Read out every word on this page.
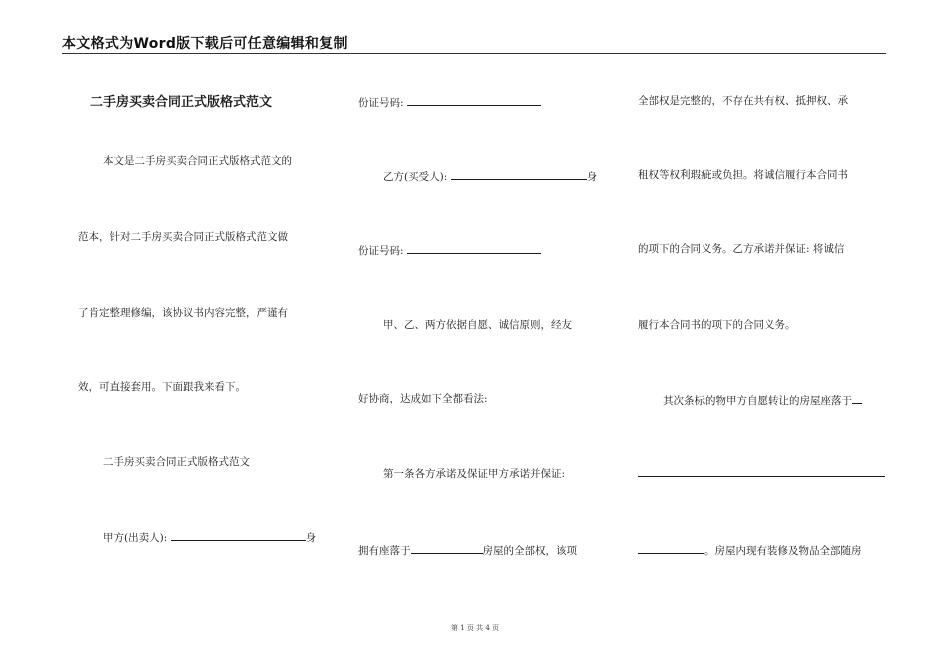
本文格式为Word版下载后可任意编辑和复制
二手房买卖合同正式版格式范文
本文是二手房买卖合同正式版格式范文的
范本，针对二手房买卖合同正式版格式范文做
了肯定整理修编，该协议书内容完整，严谨有
效，可直接套用。下面跟我来看下。
二手房买卖合同正式版格式范文
甲方(出卖人):	身
份证号码:
乙方(买受人):	身
份证号码:
甲、乙、两方依据自愿、诚信原则，经友
好协商，达成如下全都看法:
第一条各方承诺及保证甲方承诺并保证:
拥有座落于	房屋的全部权，该项
全部权是完整的，不存在共有权、抵押权、承
租权等权利瑕疵或负担。将诚信履行本合同书
的项下的合同义务。乙方承诺并保证: 将诚信
履行本合同书的项下的合同义务。
其次条标的物甲方自愿转让的房屋座落于
。房屋内现有装修及物品全部随房
第 1 页 共 4 页
